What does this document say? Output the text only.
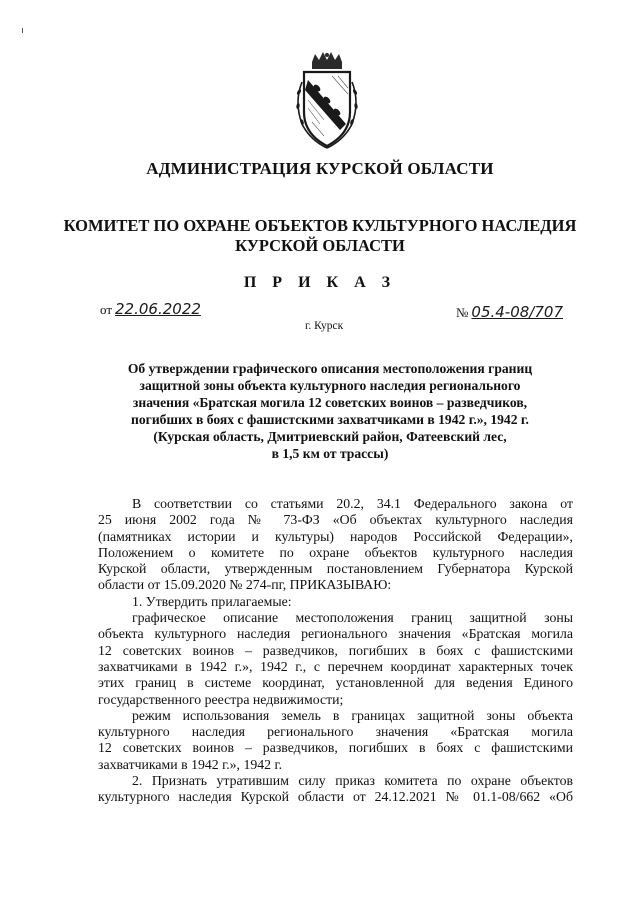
АДМИНИСТРАЦИЯ КУРСКОЙ ОБЛАСТИ
КОМИТЕТ ПО ОХРАНЕ ОБЪЕКТОВ КУЛЬТУРНОГО НАСЛЕДИЯ
КУРСКОЙ ОБЛАСТИ
П Р И К А З
от 22.06.2022	№ 05.4-08/707
г. Курск
Об утверждении графического описания местоположения границ
защитной зоны объекта культурного наследия регионального
значения «Братская могила 12 советских воинов – разведчиков,
погибших в боях с фашистскими захватчиками в 1942 г.», 1942 г.
(Курская область, Дмитриевский район, Фатеевский лес,
в 1,5 км от трассы)
В соответствии со статьями 20.2, 34.1 Федерального закона от
25 июня 2002 года № 73-ФЗ «Об объектах культурного наследия
(памятниках истории и культуры) народов Российской Федерации»,
Положением о комитете по охране объектов культурного наследия
Курской области, утвержденным постановлением Губернатора Курской
области от 15.09.2020 № 274-пг, ПРИКАЗЫВАЮ:
1. Утвердить прилагаемые:
графическое описание местоположения границ защитной зоны
объекта культурного наследия регионального значения «Братская могила
12 советских воинов – разведчиков, погибших в боях с фашистскими
захватчиками в 1942 г.», 1942 г., с перечнем координат характерных точек
этих границ в системе координат, установленной для ведения Единого
государственного реестра недвижимости;
режим использования земель в границах защитной зоны объекта
культурного наследия регионального значения «Братская могила
12 советских воинов – разведчиков, погибших в боях с фашистскими
захватчиками в 1942 г.», 1942 г.
2. Признать утратившим силу приказ комитета по охране объектов
культурного наследия Курской области от 24.12.2021 № 01.1-08/662 «Об
